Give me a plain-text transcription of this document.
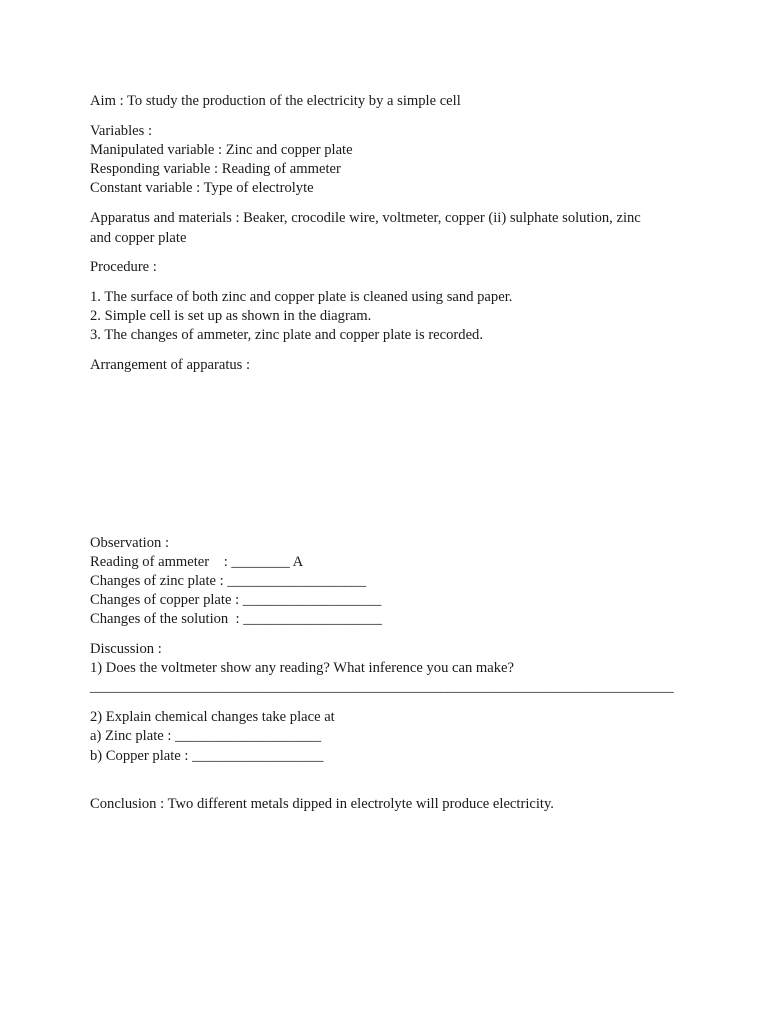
Aim : To study the production of the electricity by a simple cell
Variables :
Manipulated variable : Zinc and copper plate
Responding variable : Reading of ammeter
Constant variable : Type of electrolyte
Apparatus and materials : Beaker, crocodile wire, voltmeter, copper (ii) sulphate solution, zinc
and copper plate
Procedure :
1. The surface of both zinc and copper plate is cleaned using sand paper.
2. Simple cell is set up as shown in the diagram.
3. The changes of ammeter, zinc plate and copper plate is recorded.
Arrangement of apparatus :
Observation :
Reading of ammeter    : ________ A
Changes of zinc plate : ___________________
Changes of copper plate : ___________________
Changes of the solution  : ___________________
Discussion :
1) Does the voltmeter show any reading? What inference you can make?
________________________________________________________________________________
2) Explain chemical changes take place at
a) Zinc plate : ____________________
b) Copper plate : __________________
Conclusion : Two different metals dipped in electrolyte will produce electricity.
